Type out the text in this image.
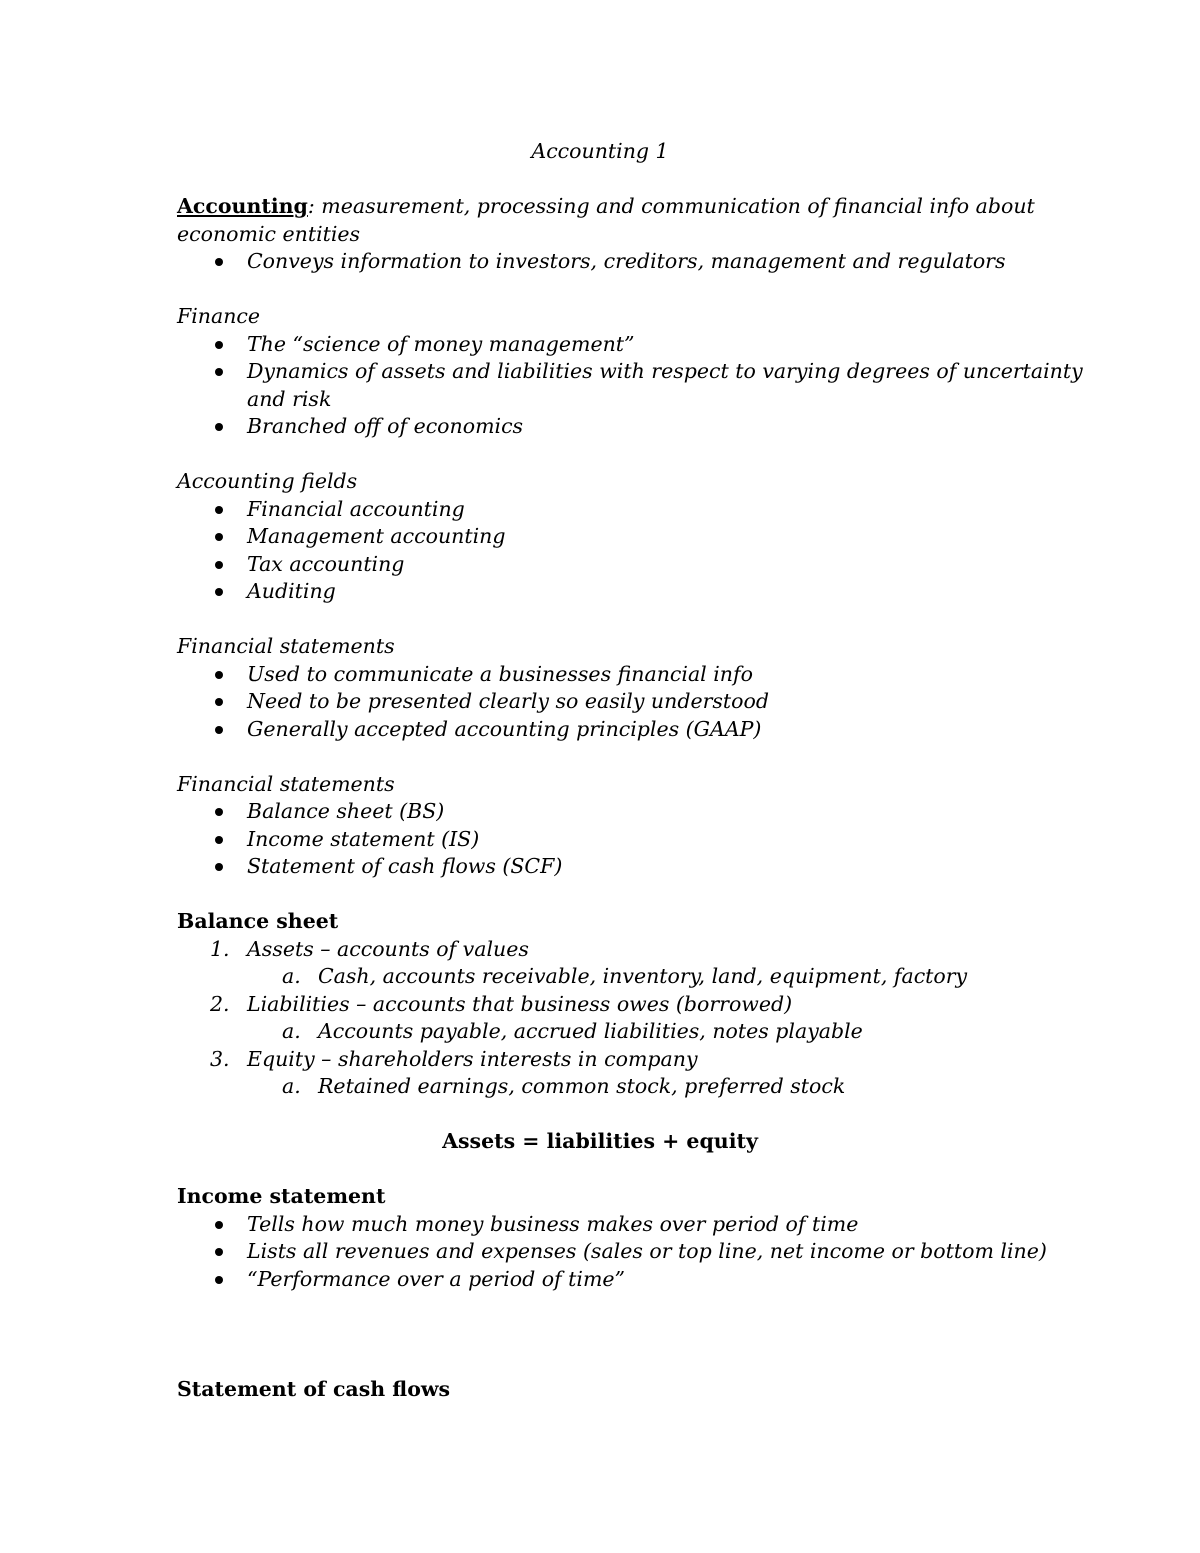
Accounting 1
Accounting: measurement, processing and communication of financial info about
economic entities
Conveys information to investors, creditors, management and regulators
Finance
The “science of money management”
Dynamics of assets and liabilities with respect to varying degrees of uncertainty
and risk
Branched off of economics
Accounting fields
Financial accounting
Management accounting
Tax accounting
Auditing
Financial statements
Used to communicate a businesses financial info
Need to be presented clearly so easily understood
Generally accepted accounting principles (GAAP)
Financial statements
Balance sheet (BS)
Income statement (IS)
Statement of cash flows (SCF)
Balance sheet
1. Assets – accounts of values
a. Cash, accounts receivable, inventory, land, equipment, factory
2. Liabilities – accounts that business owes (borrowed)
a. Accounts payable, accrued liabilities, notes playable
3. Equity – shareholders interests in company
a. Retained earnings, common stock, preferred stock
Assets = liabilities + equity
Income statement
Tells how much money business makes over period of time
Lists all revenues and expenses (sales or top line, net income or bottom line)
“Performance over a period of time”
Statement of cash flows
